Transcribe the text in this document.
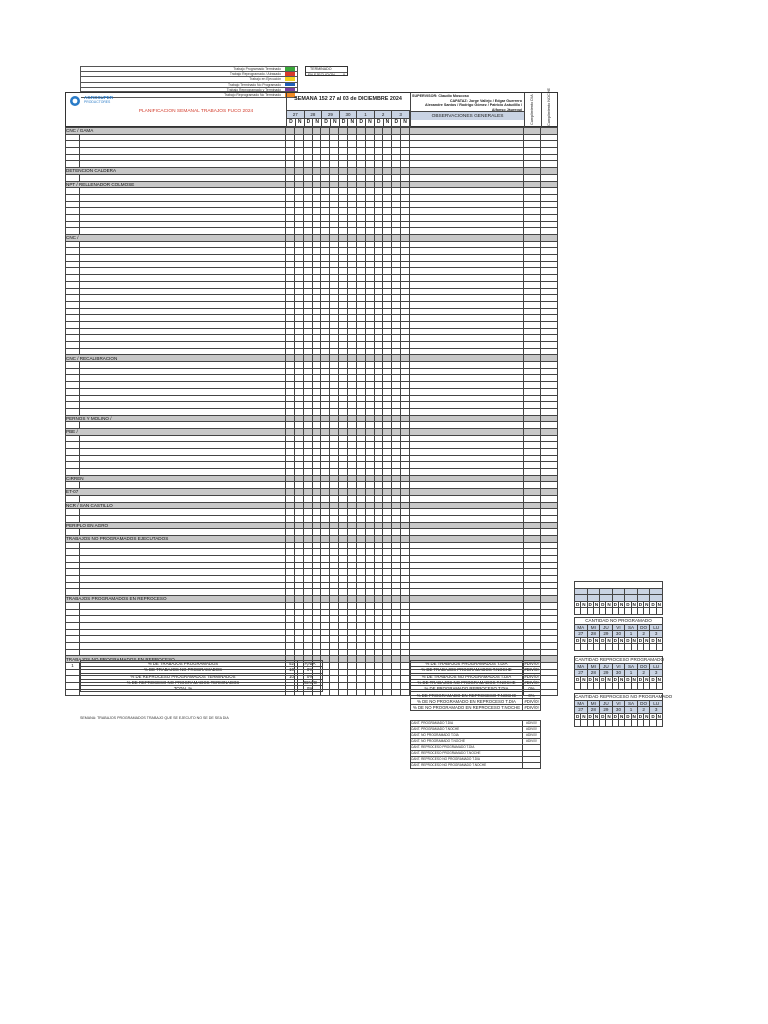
Trabajo Programado Terminado
Trabajo Reprogramado / Atrasado
Trabajo en Ejecución
Trabajo Terminado No Programado
Trabajo Reprogramado y Terminado
Trabajo Reprogramado No Terminado
TERMINADO
EN EJECUCION 0
AGROSUPER
PRODUCTORES
PLANIFICACION SEMANAL TRABAJOS FUCO 2024
SEMANA 152 27 al 03 de DICIEMBRE 2024
27		28		29		30		1		2		3	
D	N	D	N	D	N	D	N	D	N	D	N	D	N
SUPERVISOR: Claudio Moscoso
CAPATAZ: Jorge Vallejo / Edgar Guerrero
Alexandre Santos / Rodrigo Gómez / Patricio Astudillo / Alfonso Jáuregui
OBSERVACIONES GENERALES	Cumplimiento DIA	Cumplimiento NOCHE
CNC / GAMA																		

DETENCION CALDERA																		

NPT / RELLENADOR COLMOSE																		

CNC /																		

CNC / RECALIBRACION																		

PERNOS Y MOLINO /																		

PBE /																		

CIRREN																		

ET-07																		

NCR / SAN CASTILLO																		

PERIPLO EN AGRO																		

TRABAJOS NO PROGRAMADOS EJECUTADOS																		

TRABAJOS PROGRAMADOS EN REPROCESO																		

TRABAJOS NO PROGRAMADOS EN REPROCESO																		
1																		

																			% DE TRABAJOS PROGRAMADOS	52	#¡N/A
% DE TRABAJOS NO PROGRAMADOS	10	0%
% DE REPROCESO PROGRAMADOS TERMINADOS	10	0%
% DE REPROCESO NO PROGRAMADOS TERMINADOS		#DIV/0!
TOTAL %		0%
% DE TRABAJOS PROGRAMADOS T.DIA	#DIV/0!
% DE TRABAJOS PROGRAMADOS T.NOCHE	#DIV/0!
% DE TRABAJOS NO PROGRAMADOS T.DIA	#DIV/0!
% DE TRABAJOS NO PROGRAMADOS T.NOCHE	#DIV/0!
% DE PROGRAMADO REPROCESO T.DIA	0%
% DE PROGRAMADO EN REPROCESO T.NOCHE	0%
% DE NO PROGRAMADO EN REPROCESO T.DIA	#DIV/0!
% DE NO PROGRAMADO EN REPROCESO T.NOCHE	#DIV/0!
CANT. PROGRAMADO T.DIA	#DIV/0!
CANT. PROGRAMADO T.NOCHE	#DIV/0!
CANT. NO PROGRAMADO T.DIA	#DIV/0!
CANT. NO PROGRAMADO T.NOCHE	#DIV/0!
CANT. REPROCESO PROGRAMADO T.DIA	
CANT. REPROCESO PROGRAMADO T.NOCHE	
CANT. REPROCESO NO PROGRAMADO T.DIA	
CANT. REPROCESO NO PROGRAMADO T.NOCHE	
SEMANA: TRABAJOS PROGRAMADOS TRABAJO QUE SE EJECUTO NO SE DE SEA DIA

D	N	D	N	D	N	D	N	D	N	D	N	D	N

CANTIDAD NO PROGRAMADO													
MA		MI		JU		VI		SA		DO		LU	
27		28		29		30		1		2		3	
D	N	D	N	D	N	D	N	D	N	D	N	D	N

CANTIDAD REPROCESO PROGRAMADO													
MA		MI		JU		VI		SA		DO		LU	
27		28		29		30		1		2		3	
D	N	D	N	D	N	D	N	D	N	D	N	D	N

CANTIDAD REPROCESO NO PROGRAMADO													
MA		MI		JU		VI		SA		DO		LU	
27		28		29		30		1		2		3	
D	N	D	N	D	N	D	N	D	N	D	N	D	N
